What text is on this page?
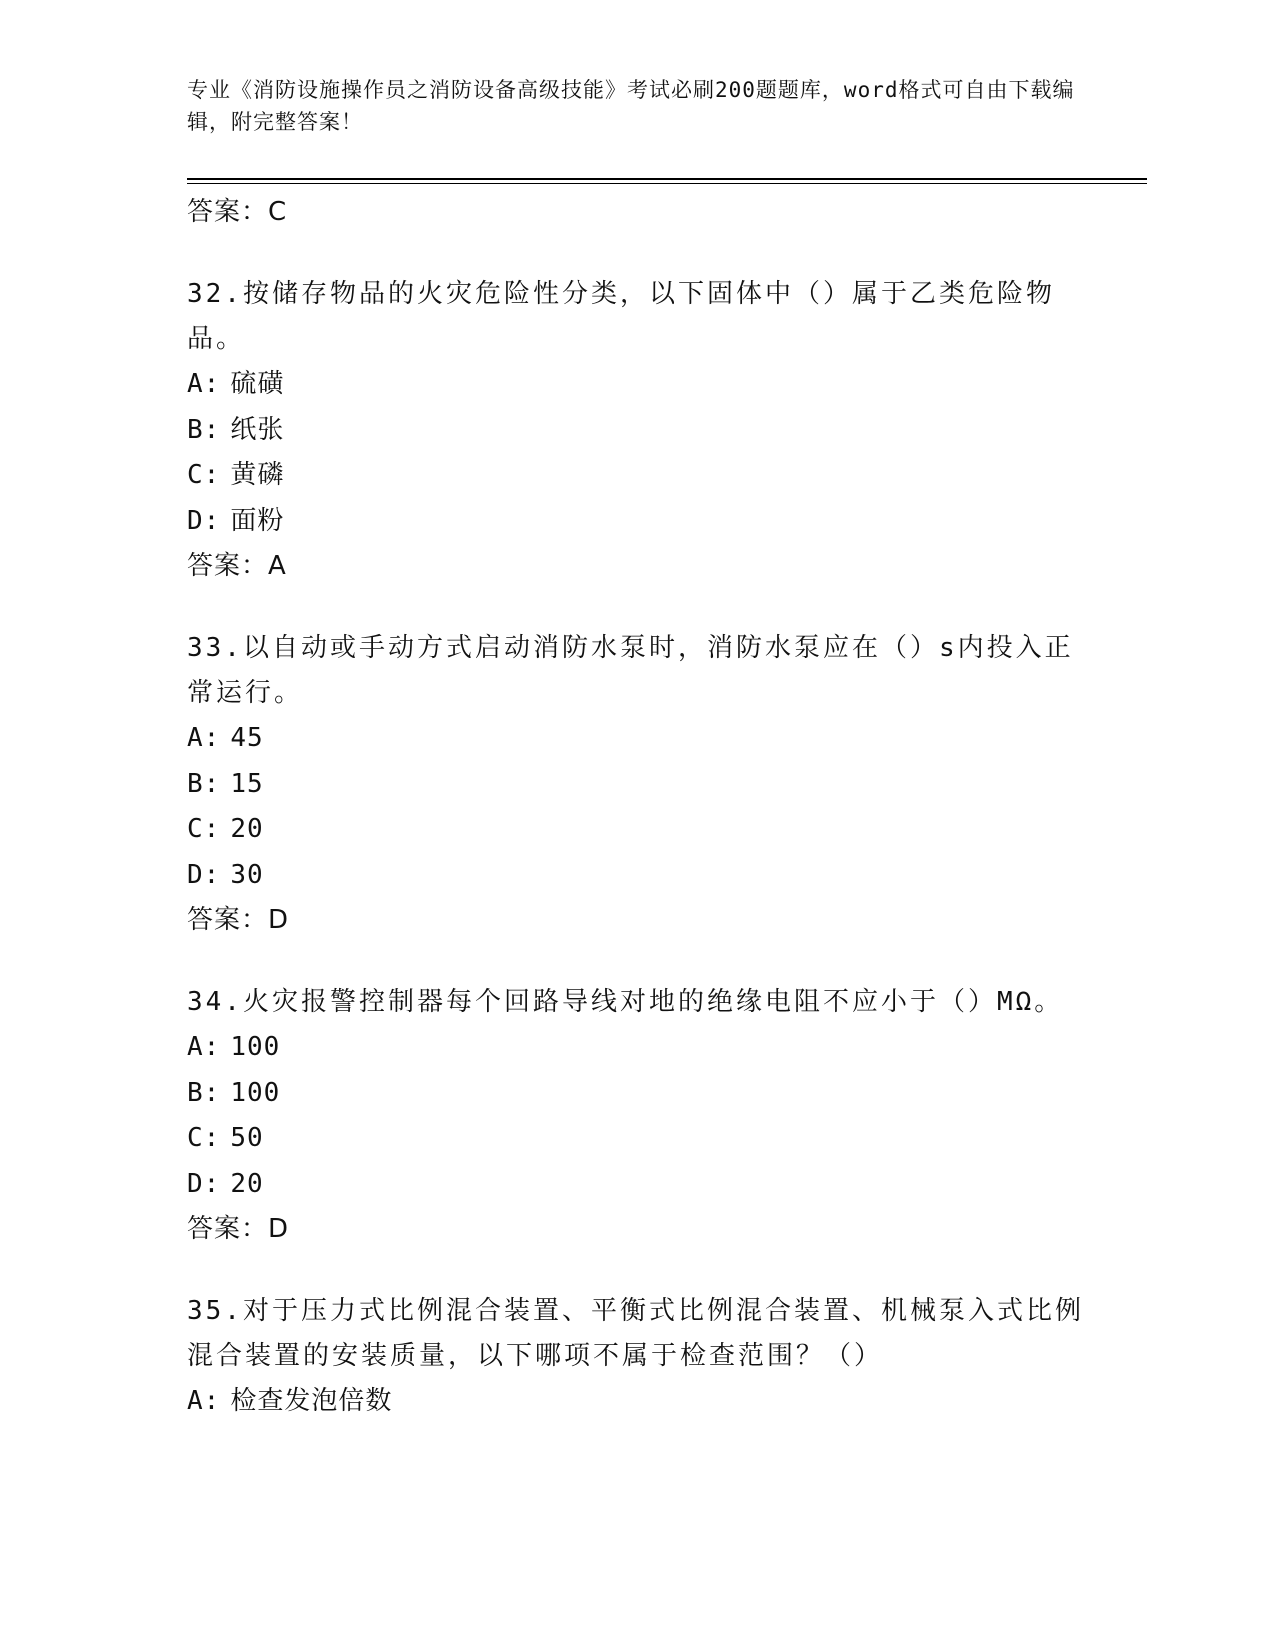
专业《消防设施操作员之消防设备高级技能》考试必刷200题题库，word格式可自由下载编辑，附完整答案！
答案：C
32.按储存物品的火灾危险性分类，以下固体中（）属于乙类危险物品。
A: 硫磺
B: 纸张
C: 黄磷
D: 面粉
答案：A
33.以自动或手动方式启动消防水泵时，消防水泵应在（）s内投入正常运行。
A: 45
B: 15
C: 20
D: 30
答案：D
34.火灾报警控制器每个回路导线对地的绝缘电阻不应小于（）MΩ。
A: 100
B: 100
C: 50
D: 20
答案：D
35.对于压力式比例混合装置、平衡式比例混合装置、机械泵入式比例混合装置的安装质量，以下哪项不属于检查范围？（）
A: 检查发泡倍数
